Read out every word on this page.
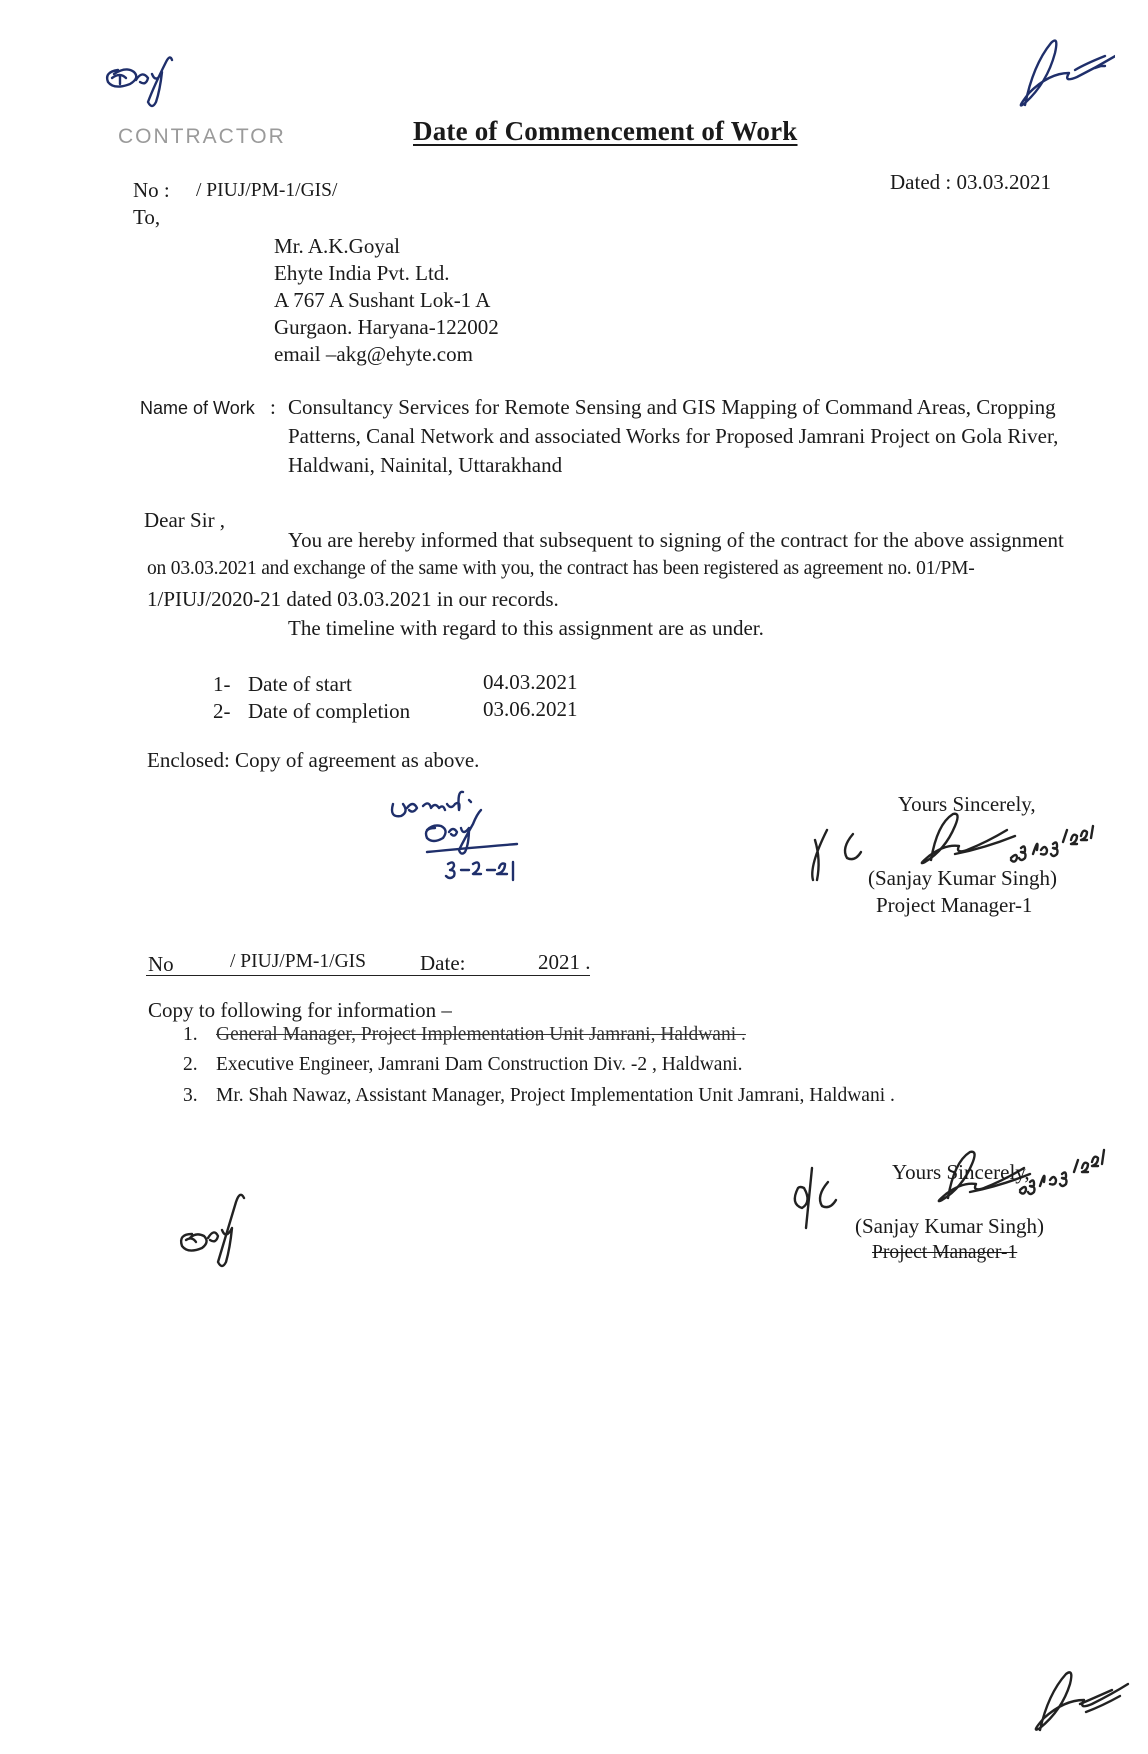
CONTRACTOR	Date of Commencement of Work
No : / PIUJ/PM-1/GIS/	Dated : 03.03.2021
To,
Mr. A.K.Goyal
Ehyte India Pvt. Ltd.
A 767 A Sushant Lok-1 A
Gurgaon. Haryana-122002
email –akg@ehyte.com
Name of Work : Consultancy Services for Remote Sensing and GIS Mapping of Command Areas, Cropping
Patterns, Canal Network and associated Works for Proposed Jamrani Project on Gola River,
Haldwani, Nainital, Uttarakhand
Dear Sir ,
You are hereby informed that subsequent to signing of the contract for the above assignment
on 03.03.2021 and exchange of the same with you, the contract has been registered as agreement no. 01/PM-
1/PIUJ/2020-21 dated 03.03.2021 in our records.
The timeline with regard to this assignment are as under.
1- Date of start	04.03.2021
2- Date of completion	03.06.2021
Enclosed: Copy of agreement as above.
Yours Sincerely,
(Sanjay Kumar Singh)
Project Manager-1
No	/ PIUJ/PM-1/GIS	Date:	2021 .
Copy to following for information –
1. General Manager, Project Implementation Unit Jamrani, Haldwani .
2. Executive Engineer, Jamrani Dam Construction Div. -2 , Haldwani.
3. Mr. Shah Nawaz, Assistant Manager, Project Implementation Unit Jamrani, Haldwani .
Yours Sincerely,
(Sanjay Kumar Singh)
Project Manager-1
